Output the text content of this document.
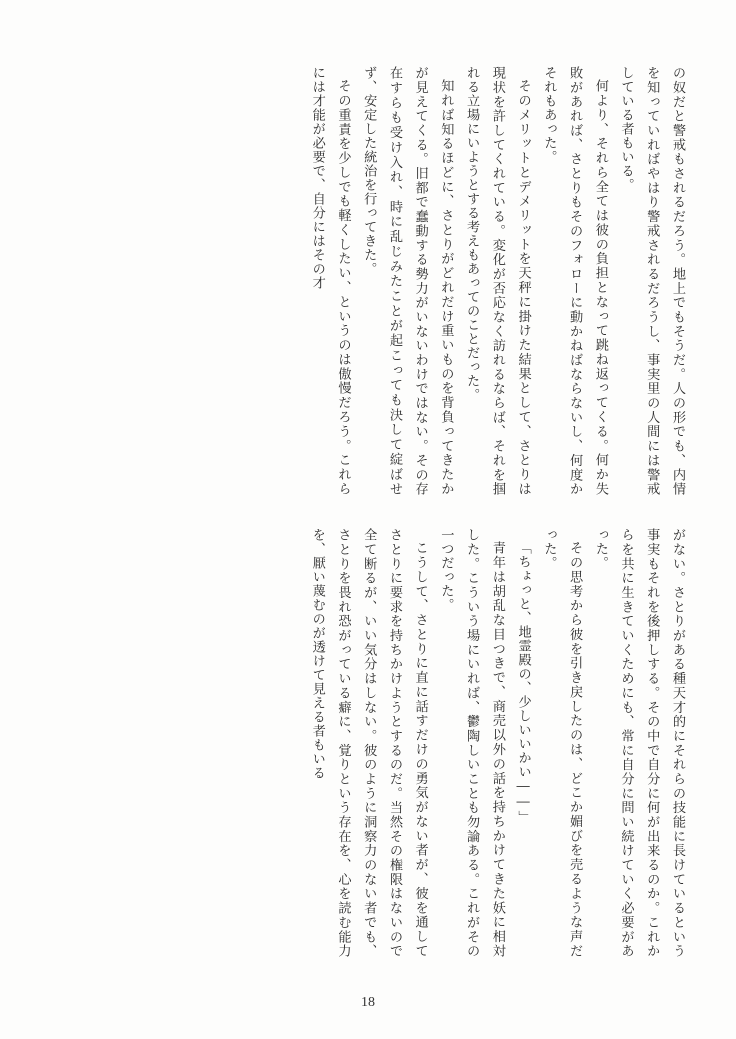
の奴だと警戒もされるだろう。地上でもそうだ。人の形でも、内情を知っていればやはり警戒されるだろうし、事実里の人間には警戒している者もいる。

何より、それら全ては彼の負担となって跳ね返ってくる。何か失敗があれば、さとりもそのフォローに動かねばならないし、何度かそれもあった。

そのメリットとデメリットを天秤に掛けた結果として、さとりは現状を許してくれている。変化が否応なく訪れるならば、それを掴れる立場にいようとする考えもあってのことだった。

知れば知るほどに、さとりがどれだけ重いものを背負ってきたかが見えてくる。旧都で蠢動する勢力がいないわけではない。その存在すらも受け入れ、時に乱じみたことが起こっても決して綻ばせず、安定した統治を行ってきた。

その重責を少しでも軽くしたい、というのは傲慢だろう。これらには才能が必要で、自分にはその才

がない。さとりがある種天才的にそれらの技能に長けているという事実もそれを後押しする。その中で自分に何が出来るのか。これからを共に生きていくためにも、常に自分に問い続けていく必要があった。

その思考から彼を引き戻したのは、どこか媚びを売るような声だった。

「ちょっと、地霊殿の、少しいいかい――」

青年は胡乱な目つきで、商売以外の話を持ちかけてきた妖に相対した。こういう場にいれば、鬱陶しいことも勿論ある。これがその一つだった。

こうして、さとりに直に話すだけの勇気がない者が、彼を通してさとりに要求を持ちかけようとするのだ。当然その権限はないので全て断るが、いい気分はしない。彼のように洞察力のない者でも、さとりを畏れ恐がっている癖に、覚りという存在を、心を読む能力を、厭い蔑むのが透けて見える者もいる

18
